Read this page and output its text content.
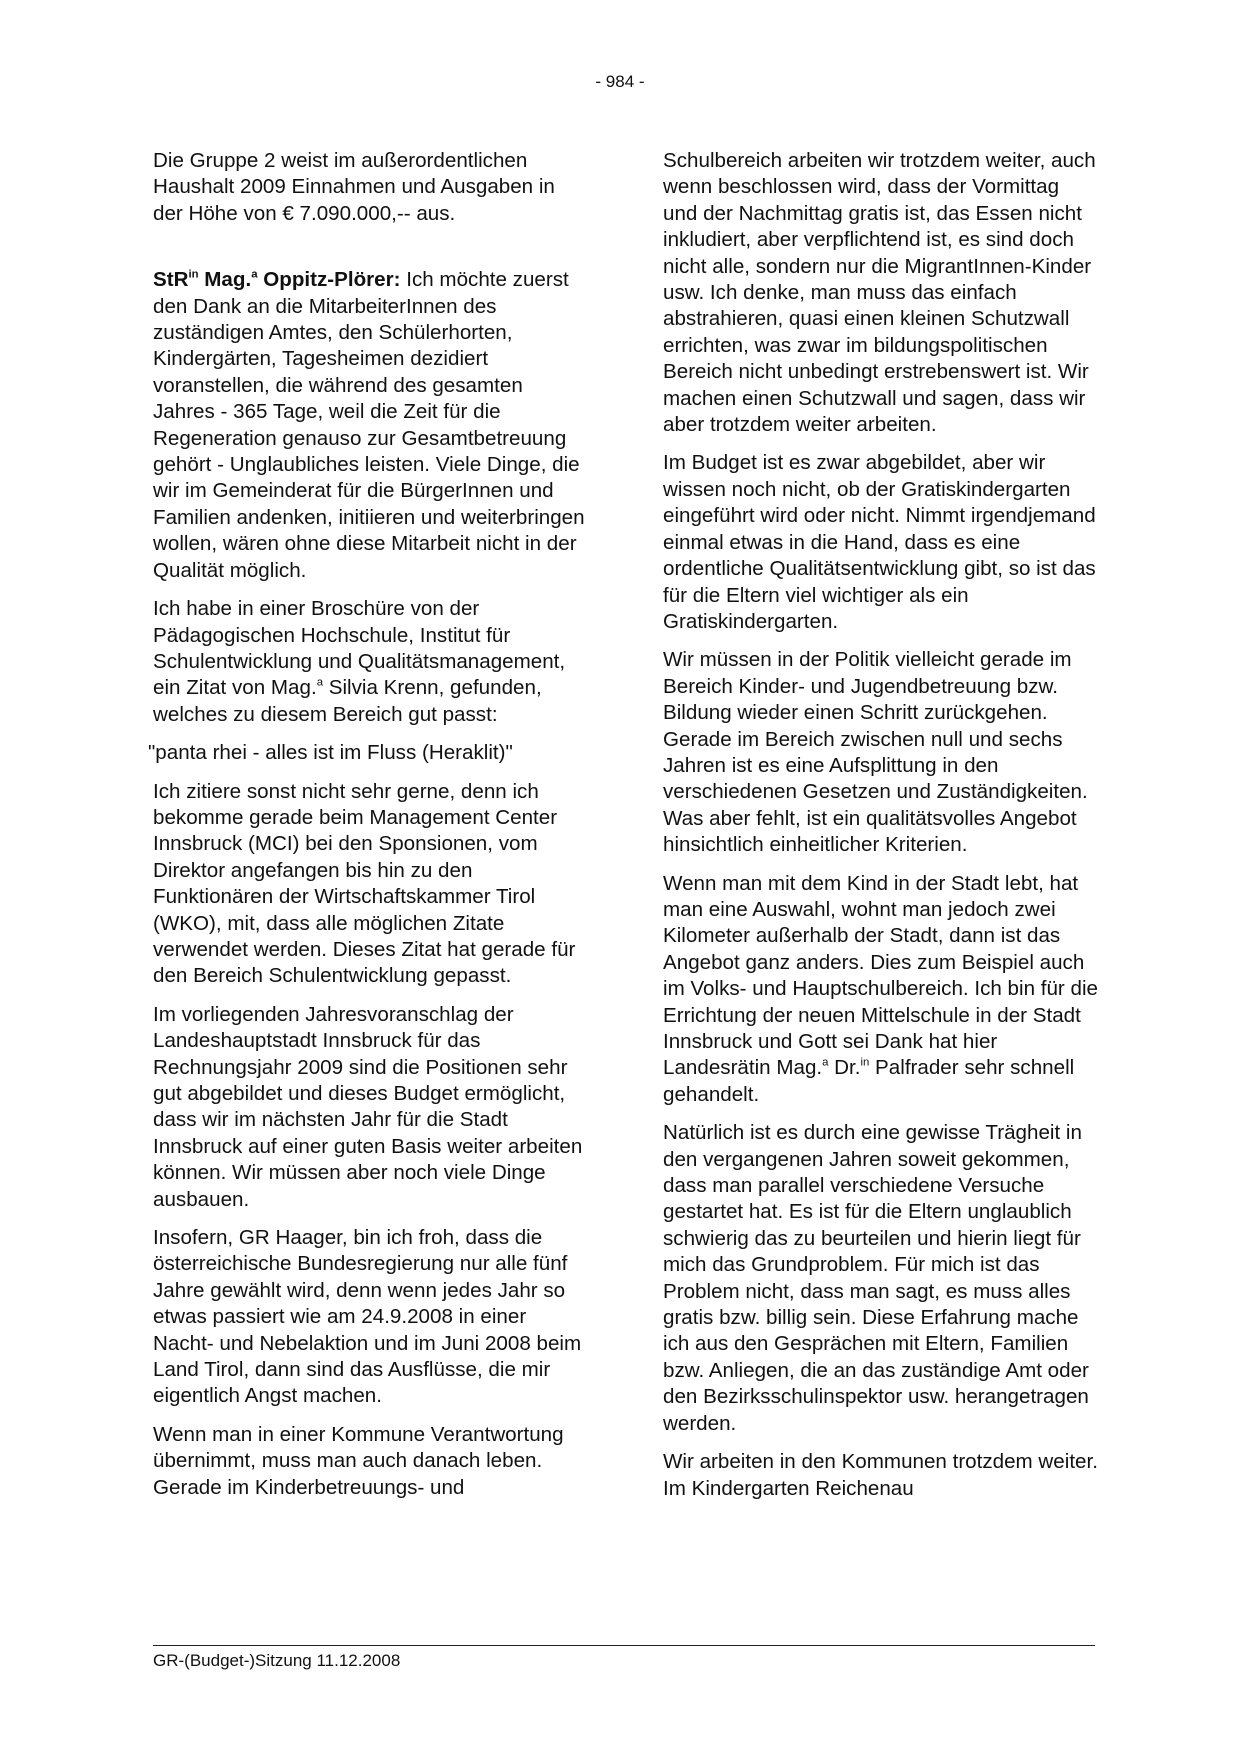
- 984 -

Die Gruppe 2 weist im außerordentlichen Haushalt 2009 Einnahmen und Ausgaben in der Höhe von € 7.090.000,-- aus.

StR$^{in}$ Mag.$^a$ Oppitz-Plörer: Ich möchte zuerst den Dank an die MitarbeiterInnen des zuständigen Amtes, den Schülerhorten, Kindergärten, Tagesheimen dezidiert voranstellen, die während des gesamten Jahres - 365 Tage, weil die Zeit für die Regeneration genauso zur Gesamtbetreuung gehört - Unglaubliches leisten. Viele Dinge, die wir im Gemeinderat für die BürgerInnen und Familien andenken, initiieren und weiterbringen wollen, wären ohne diese Mitarbeit nicht in der Qualität möglich.

Ich habe in einer Broschüre von der Pädagogischen Hochschule, Institut für Schulentwicklung und Qualitätsmanagement, ein Zitat von Mag.$^a$ Silvia Krenn, gefunden, welches zu diesem Bereich gut passt:

"panta rhei - alles ist im Fluss (Heraklit)"

Ich zitiere sonst nicht sehr gerne, denn ich bekomme gerade beim Management Center Innsbruck (MCI) bei den Sponsionen, vom Direktor angefangen bis hin zu den Funktionären der Wirtschaftskammer Tirol (WKO), mit, dass alle möglichen Zitate verwendet werden. Dieses Zitat hat gerade für den Bereich Schulentwicklung gepasst.

Im vorliegenden Jahresvoranschlag der Landeshauptstadt Innsbruck für das Rechnungsjahr 2009 sind die Positionen sehr gut abgebildet und dieses Budget ermöglicht, dass wir im nächsten Jahr für die Stadt Innsbruck auf einer guten Basis weiter arbeiten können. Wir müssen aber noch viele Dinge ausbauen.

Insofern, GR Haager, bin ich froh, dass die österreichische Bundesregierung nur alle fünf Jahre gewählt wird, denn wenn jedes Jahr so etwas passiert wie am 24.9.2008 in einer Nacht- und Nebelaktion und im Juni 2008 beim Land Tirol, dann sind das Ausflüsse, die mir eigentlich Angst machen.

Wenn man in einer Kommune Verantwortung übernimmt, muss man auch danach leben. Gerade im Kinderbetreuungs- und

Schulbereich arbeiten wir trotzdem weiter, auch wenn beschlossen wird, dass der Vormittag und der Nachmittag gratis ist, das Essen nicht inkludiert, aber verpflichtend ist, es sind doch nicht alle, sondern nur die MigrantInnen-Kinder usw. Ich denke, man muss das einfach abstrahieren, quasi einen kleinen Schutzwall errichten, was zwar im bildungspolitischen Bereich nicht unbedingt erstrebenswert ist. Wir machen einen Schutzwall und sagen, dass wir aber trotzdem weiter arbeiten.

Im Budget ist es zwar abgebildet, aber wir wissen noch nicht, ob der Gratiskindergarten eingeführt wird oder nicht. Nimmt irgendjemand einmal etwas in die Hand, dass es eine ordentliche Qualitätsentwicklung gibt, so ist das für die Eltern viel wichtiger als ein Gratiskindergarten.

Wir müssen in der Politik vielleicht gerade im Bereich Kinder- und Jugendbetreuung bzw. Bildung wieder einen Schritt zurückgehen. Gerade im Bereich zwischen null und sechs Jahren ist es eine Aufsplittung in den verschiedenen Gesetzen und Zuständigkeiten. Was aber fehlt, ist ein qualitätsvolles Angebot hinsichtlich einheitlicher Kriterien.

Wenn man mit dem Kind in der Stadt lebt, hat man eine Auswahl, wohnt man jedoch zwei Kilometer außerhalb der Stadt, dann ist das Angebot ganz anders. Dies zum Beispiel auch im Volks- und Hauptschulbereich. Ich bin für die Errichtung der neuen Mittelschule in der Stadt Innsbruck und Gott sei Dank hat hier Landesrätin Mag.$^a$ Dr.$^{in}$ Palfrader sehr schnell gehandelt.

Natürlich ist es durch eine gewisse Trägheit in den vergangenen Jahren soweit gekommen, dass man parallel verschiedene Versuche gestartet hat. Es ist für die Eltern unglaublich schwierig das zu beurteilen und hierin liegt für mich das Grundproblem. Für mich ist das Problem nicht, dass man sagt, es muss alles gratis bzw. billig sein. Diese Erfahrung mache ich aus den Gesprächen mit Eltern, Familien bzw. Anliegen, die an das zuständige Amt oder den Bezirksschulinspektor usw. herangetragen werden.

Wir arbeiten in den Kommunen trotzdem weiter. Im Kindergarten Reichenau

GR-(Budget-)Sitzung 11.12.2008
